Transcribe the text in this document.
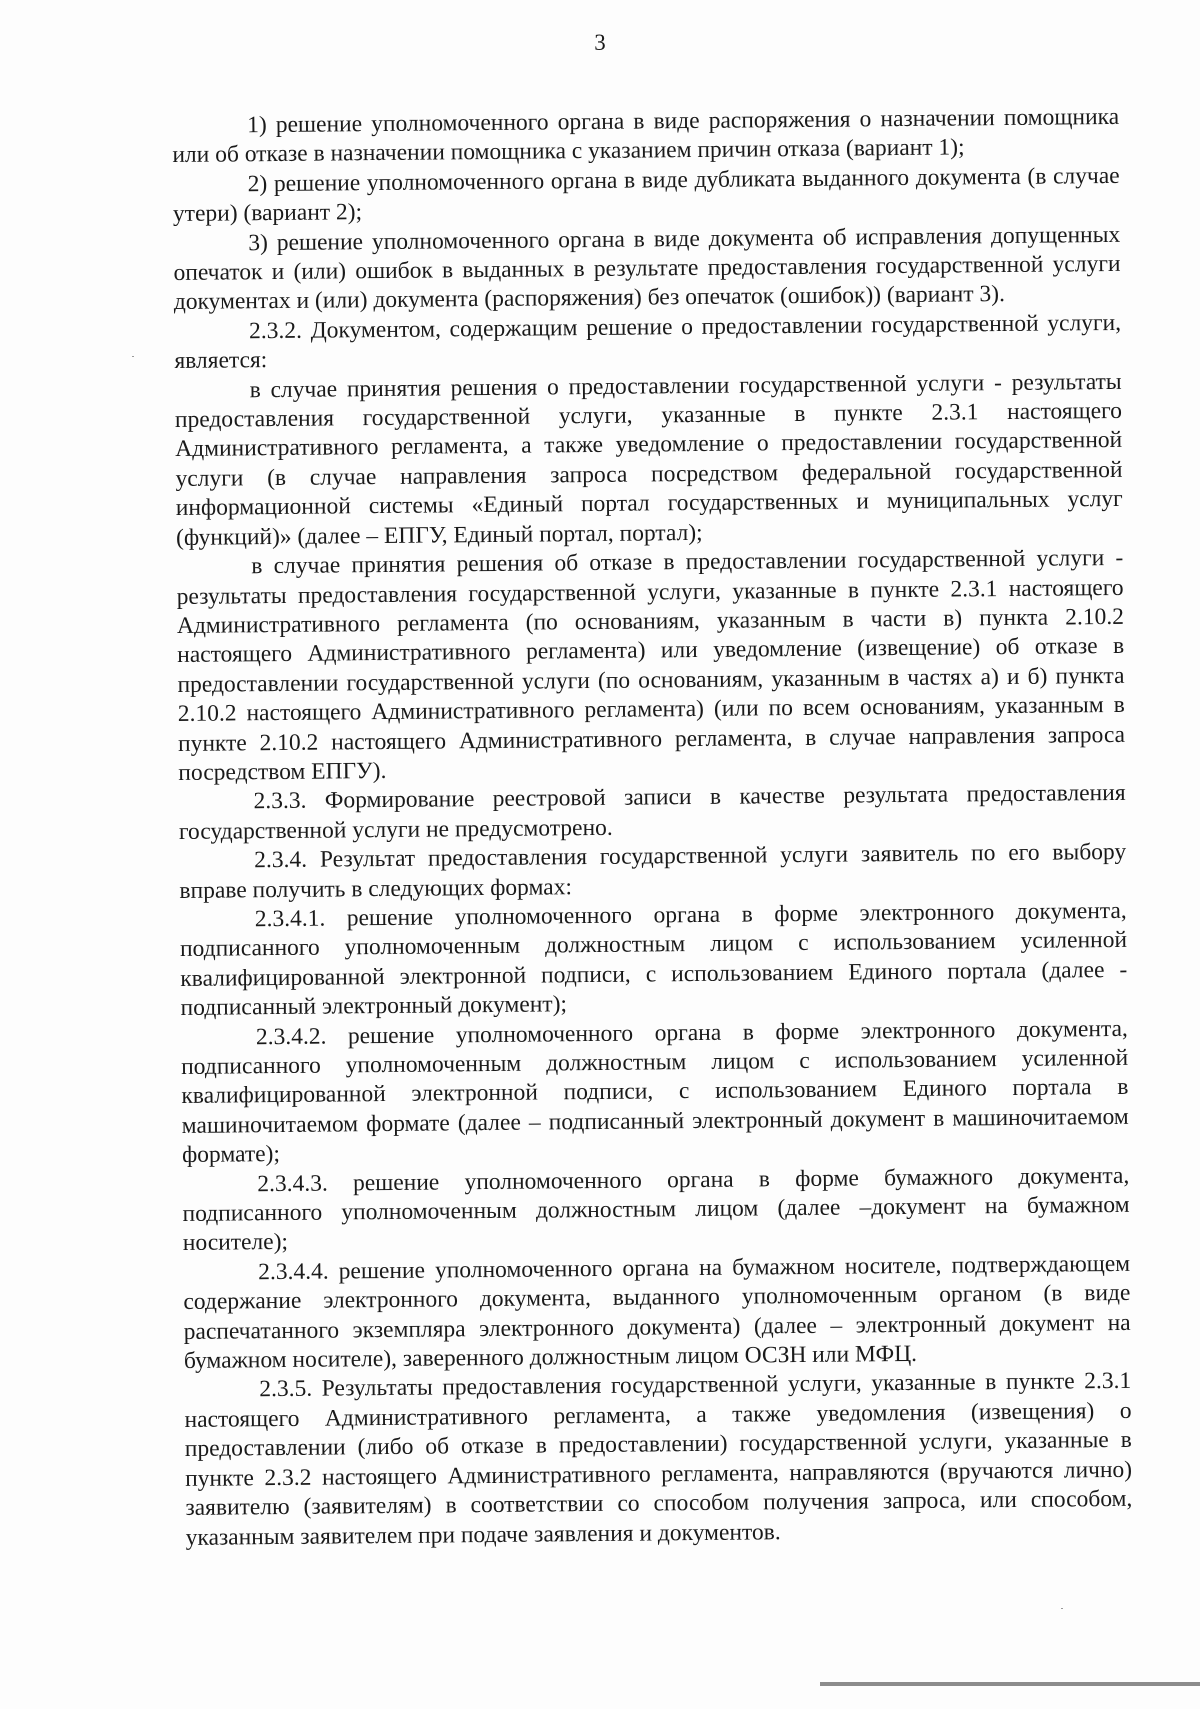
3

1) решение уполномоченного органа в виде распоряжения о назначении помощника или об отказе в назначении помощника с указанием причин отказа (вариант 1);

2) решение уполномоченного органа в виде дубликата выданного документа (в случае утери) (вариант 2);

3) решение уполномоченного органа в виде документа об исправления допущенных опечаток и (или) ошибок в выданных в результате предоставления государственной услуги документах и (или) документа (распоряжения) без опечаток (ошибок)) (вариант 3).

2.3.2. Документом, содержащим решение о предоставлении государственной услуги, является:

в случае принятия решения о предоставлении государственной услуги - результаты предоставления государственной услуги, указанные в пункте 2.3.1 настоящего Административного регламента, а также уведомление о предоставлении государственной услуги (в случае направления запроса посредством федеральной государственной информационной системы «Единый портал государственных и муниципальных услуг (функций)» (далее – ЕПГУ, Единый портал, портал);

в случае принятия решения об отказе в предоставлении государственной услуги - результаты предоставления государственной услуги, указанные в пункте 2.3.1 настоящего Административного регламента (по основаниям, указанным в части в) пункта 2.10.2 настоящего Административного регламента) или уведомление (извещение) об отказе в предоставлении государственной услуги (по основаниям, указанным в частях а) и б) пункта 2.10.2 настоящего Административного регламента) (или по всем основаниям, указанным в пункте 2.10.2 настоящего Административного регламента, в случае направления запроса посредством ЕПГУ).

2.3.3. Формирование реестровой записи в качестве результата предоставления государственной услуги не предусмотрено.

2.3.4. Результат предоставления государственной услуги заявитель по его выбору вправе получить в следующих формах:

2.3.4.1. решение уполномоченного органа в форме электронного документа, подписанного уполномоченным должностным лицом с использованием усиленной квалифицированной электронной подписи, с использованием Единого портала (далее - подписанный электронный документ);

2.3.4.2. решение уполномоченного органа в форме электронного документа, подписанного уполномоченным должностным лицом с использованием усиленной квалифицированной электронной подписи, с использованием Единого портала в машиночитаемом формате (далее – подписанный электронный документ в машиночитаемом формате);

2.3.4.3. решение уполномоченного органа в форме бумажного документа, подписанного уполномоченным должностным лицом (далее –документ на бумажном носителе);

2.3.4.4. решение уполномоченного органа на бумажном носителе, подтверждающем содержание электронного документа, выданного уполномоченным органом (в виде распечатанного экземпляра электронного документа) (далее – электронный документ на бумажном носителе), заверенного должностным лицом ОСЗН или МФЦ.

2.3.5. Результаты предоставления государственной услуги, указанные в пункте 2.3.1 настоящего Административного регламента, а также уведомления (извещения) о предоставлении (либо об отказе в предоставлении) государственной услуги, указанные в пункте 2.3.2 настоящего Административного регламента, направляются (вручаются лично) заявителю (заявителям) в соответствии со способом получения запроса, или способом, указанным заявителем при подаче заявления и документов.
